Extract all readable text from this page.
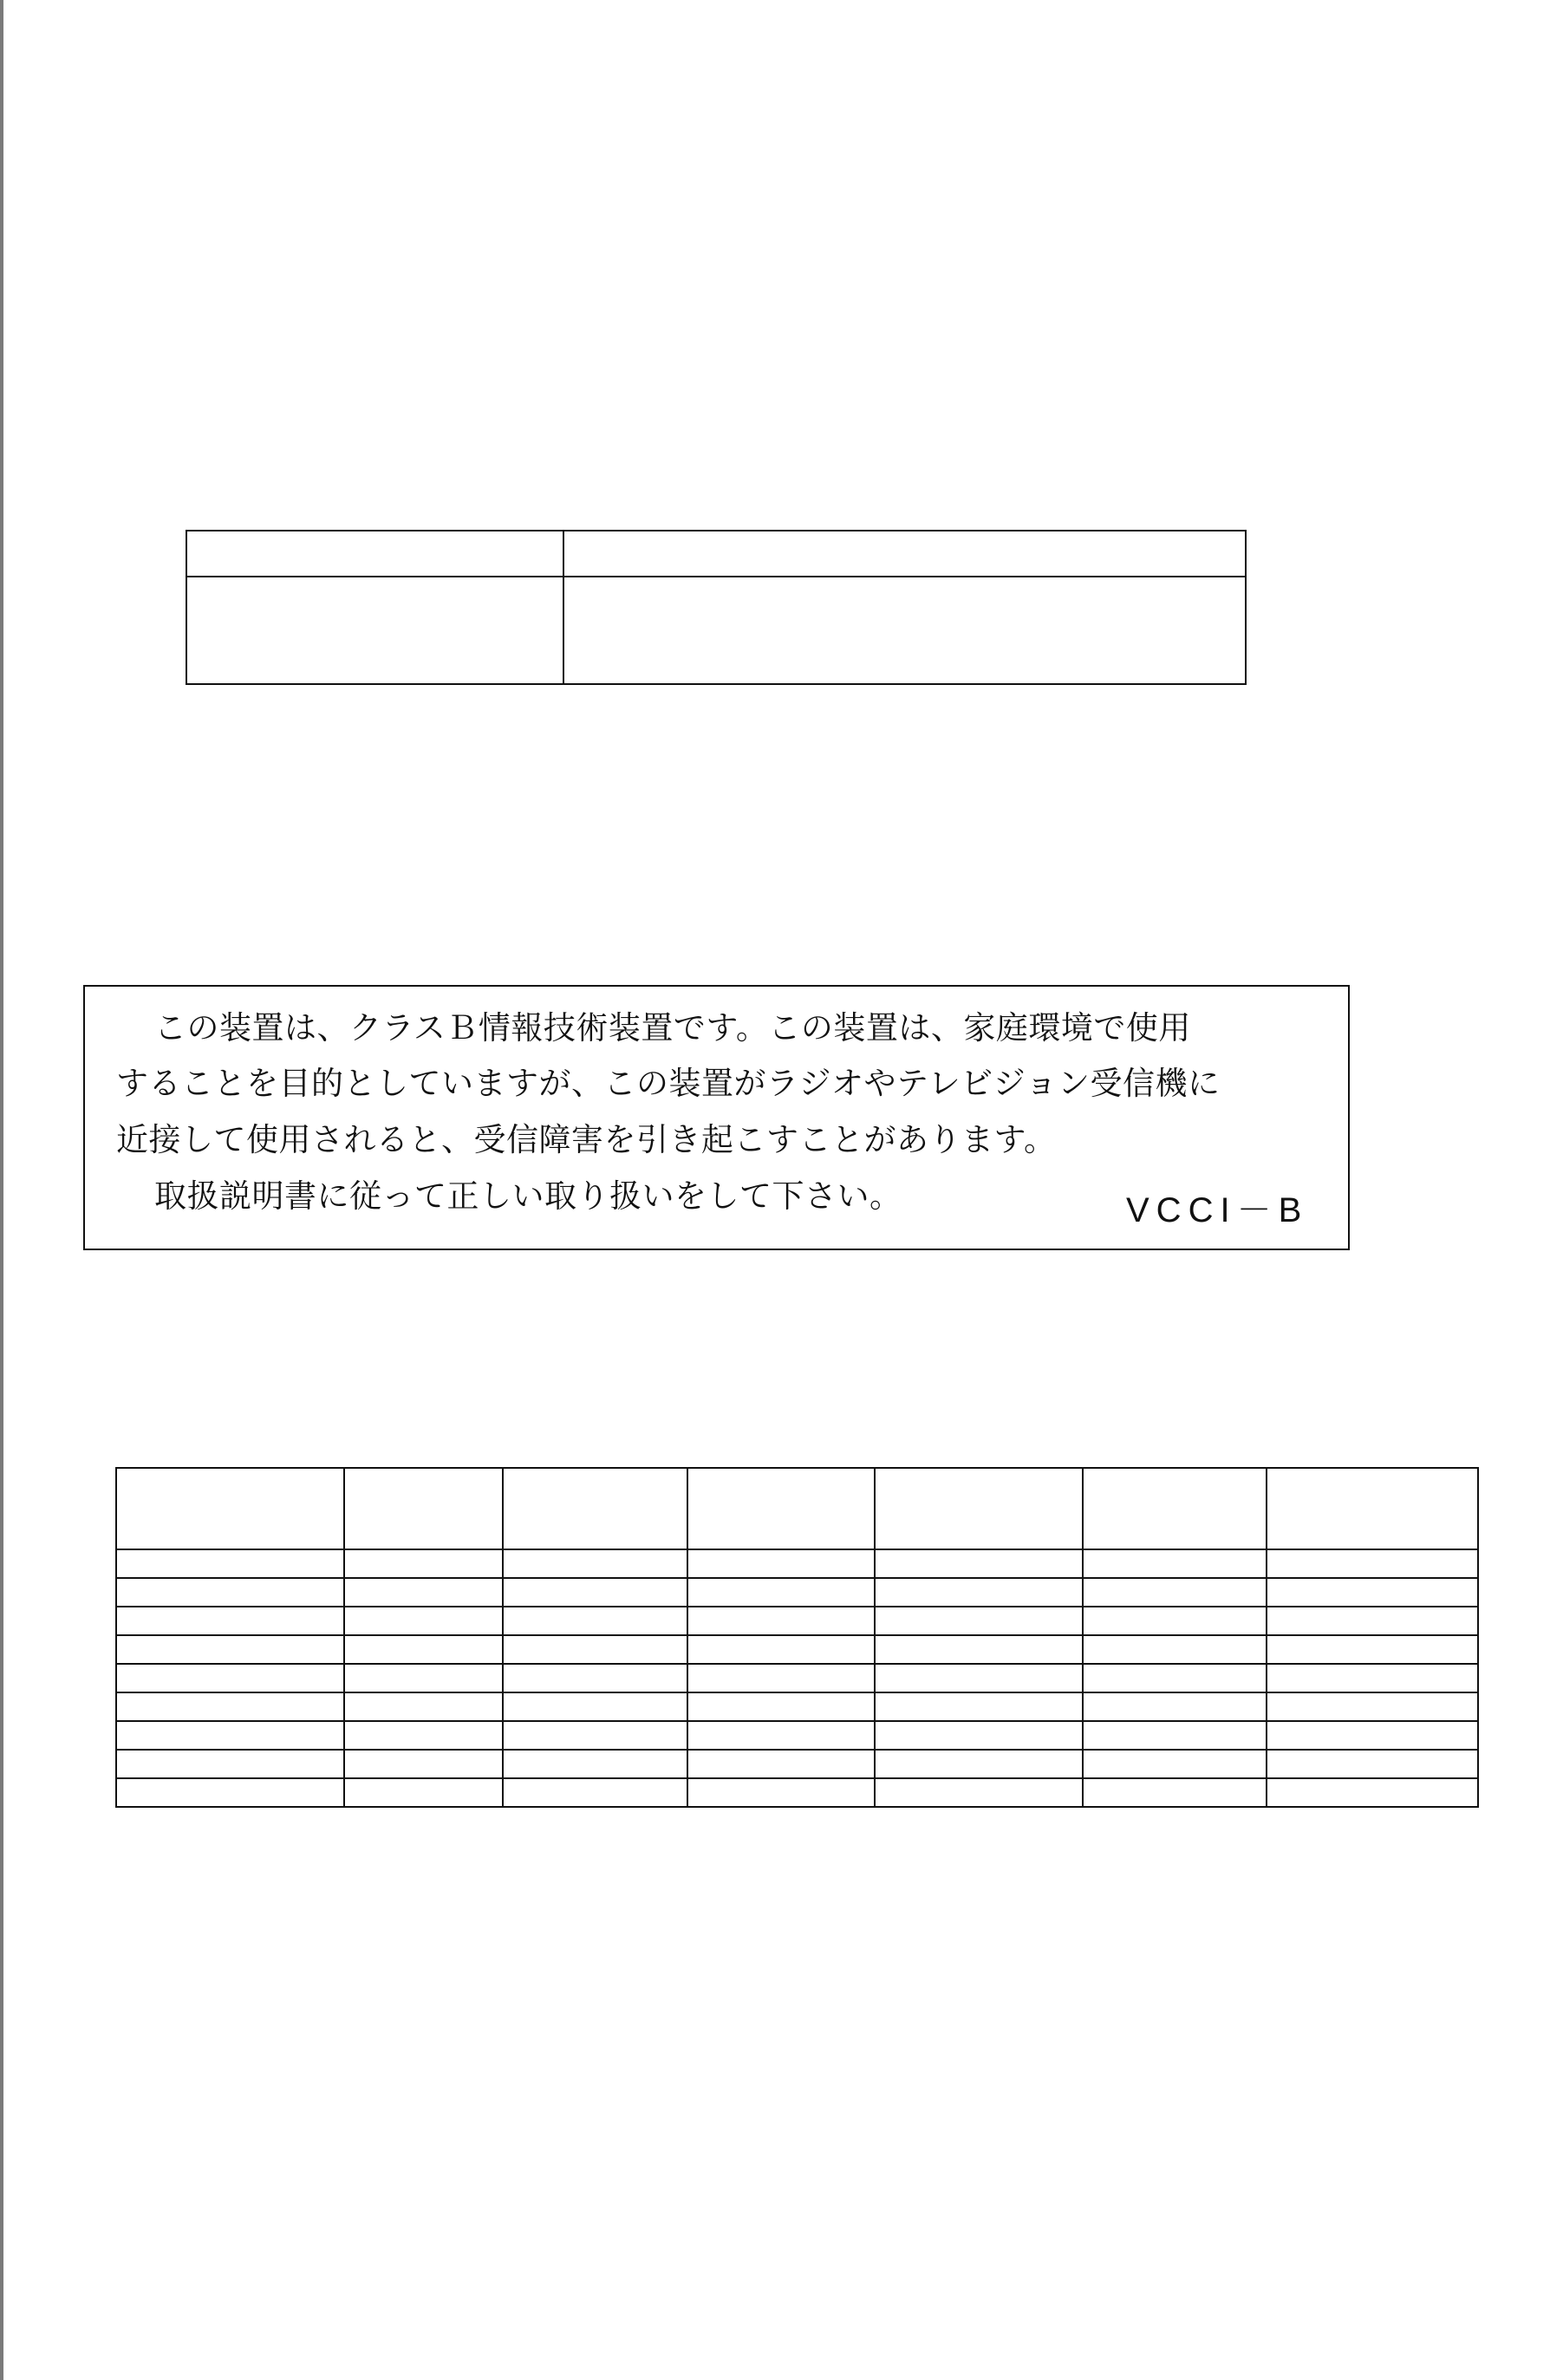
この装置は、クラスＢ情報技術装置です。この装置は、家庭環境で使用
することを目的としていますが、この装置がラジオやテレビジョン受信機に
近接して使用されると、受信障害を引き起こすことがあります。
取扱説明書に従って正しい取り扱いをして下さい。	VCCI－B
